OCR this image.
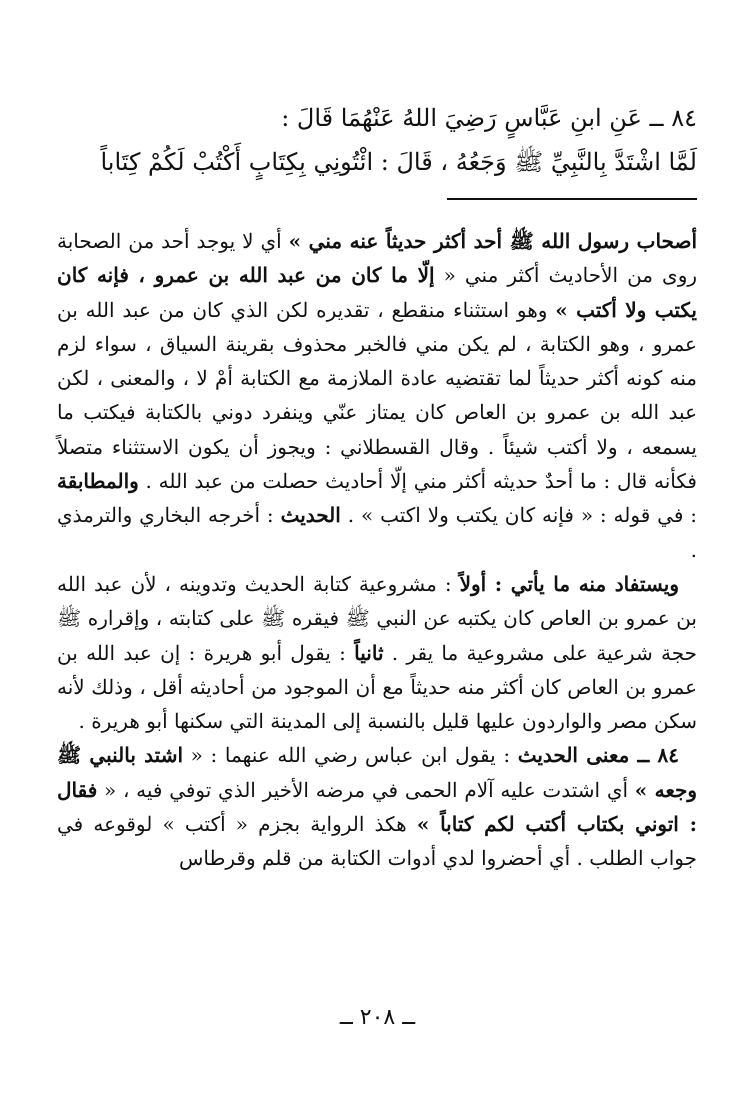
٨٤ ــ عَنِ ابنِ عَبَّاسٍ رَضِيَ اللهُ عَنْهُمَا قَالَ :
لَمَّا اشْتَدَّ بِالنَّبِيِّ ﷺ وَجَعُهُ ، قَالَ : ائْتُونِي بِكِتَابٍ أَكْتُبْ لَكُمْ كِتَاباً

أصحاب رسول الله ﷺ أحد أكثر حديثاً عنه مني » أي لا يوجد أحد من الصحابة روى من الأحاديث أكثر مني « إلّا ما كان من عبد الله بن عمرو ، فإنه كان يكتب ولا أكتب » وهو استثناء منقطع ، تقديره لكن الذي كان من عبد الله بن عمرو ، وهو الكتابة ، لم يكن مني فالخبر محذوف بقرينة السياق ، سواء لزم منه كونه أكثر حديثاً لما تقتضيه عادة الملازمة مع الكتابة أمْ لا ، والمعنى ، لكن عبد الله بن عمرو بن العاص كان يمتاز عنّي وينفرد دوني بالكتابة فيكتب ما يسمعه ، ولا أكتب شيئاً . وقال القسطلاني : ويجوز أن يكون الاستثناء متصلاً فكأنه قال : ما أحدٌ حديثه أكثر مني إلّا أحاديث حصلت من عبد الله . والمطابقة : في قوله : « فإنه كان يكتب ولا اكتب » . الحديث : أخرجه البخاري والترمذي .

ويستفاد منه ما يأتي : أولاً : مشروعية كتابة الحديث وتدوينه ، لأن عبد الله بن عمرو بن العاص كان يكتبه عن النبي ﷺ فيقره ﷺ على كتابته ، وإقراره ﷺ حجة شرعية على مشروعية ما يقر . ثانياً : يقول أبو هريرة : إن عبد الله بن عمرو بن العاص كان أكثر منه حديثاً مع أن الموجود من أحاديثه أقل ، وذلك لأنه سكن مصر والواردون عليها قليل بالنسبة إلى المدينة التي سكنها أبو هريرة .

٨٤ ــ معنى الحديث : يقول ابن عباس رضي الله عنهما : « اشتد بالنبي ﷺ وجعه » أي اشتدت عليه آلام الحمى في مرضه الأخير الذي توفي فيه ، « فقال : اتوني بكتاب أكتب لكم كتاباً » هكذ الرواية بجزم « أكتب » لوقوعه في جواب الطلب . أي أحضروا لدي أدوات الكتابة من قلم وقرطاس

ــ ٢٠٨ ــ
